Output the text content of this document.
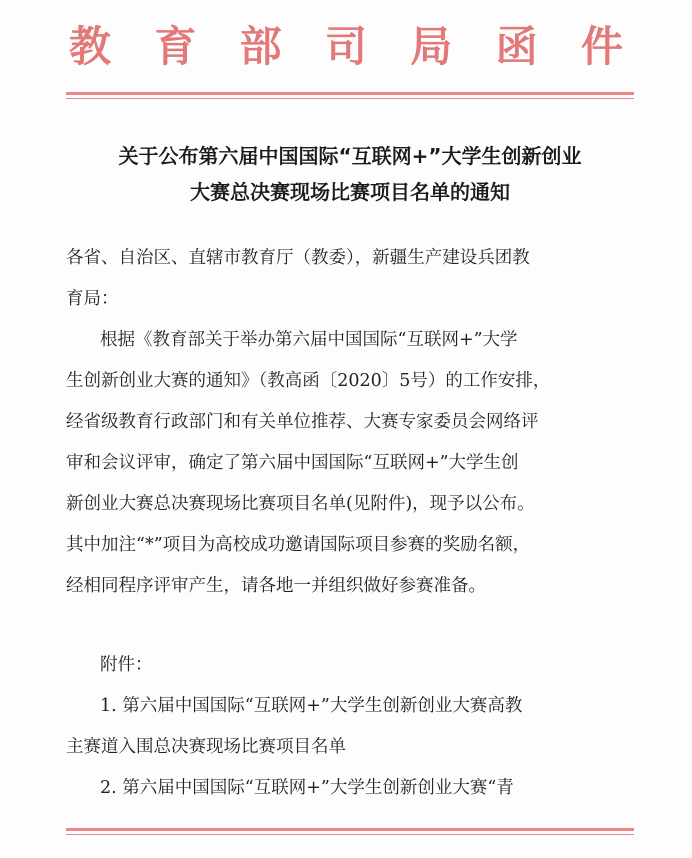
教 育 部 司 局 函 件
关于公布第六届中国国际“互联网+”大学生创新创业
大赛总决赛现场比赛项目名单的通知
各省、自治区、直辖市教育厅（教委），新疆生产建设兵团教
育局：
根据《教育部关于举办第六届中国国际“互联网+”大学
生创新创业大赛的通知》（教高函〔2020〕5号）的工作安排，
经省级教育行政部门和有关单位推荐、大赛专家委员会网络评
审和会议评审，确定了第六届中国国际“互联网+”大学生创
新创业大赛总决赛现场比赛项目名单(见附件)，现予以公布。
其中加注“*”项目为高校成功邀请国际项目参赛的奖励名额，
经相同程序评审产生，请各地一并组织做好参赛准备。
附件：
1. 第六届中国国际“互联网+”大学生创新创业大赛高教
主赛道入围总决赛现场比赛项目名单
2. 第六届中国国际“互联网+”大学生创新创业大赛“青
